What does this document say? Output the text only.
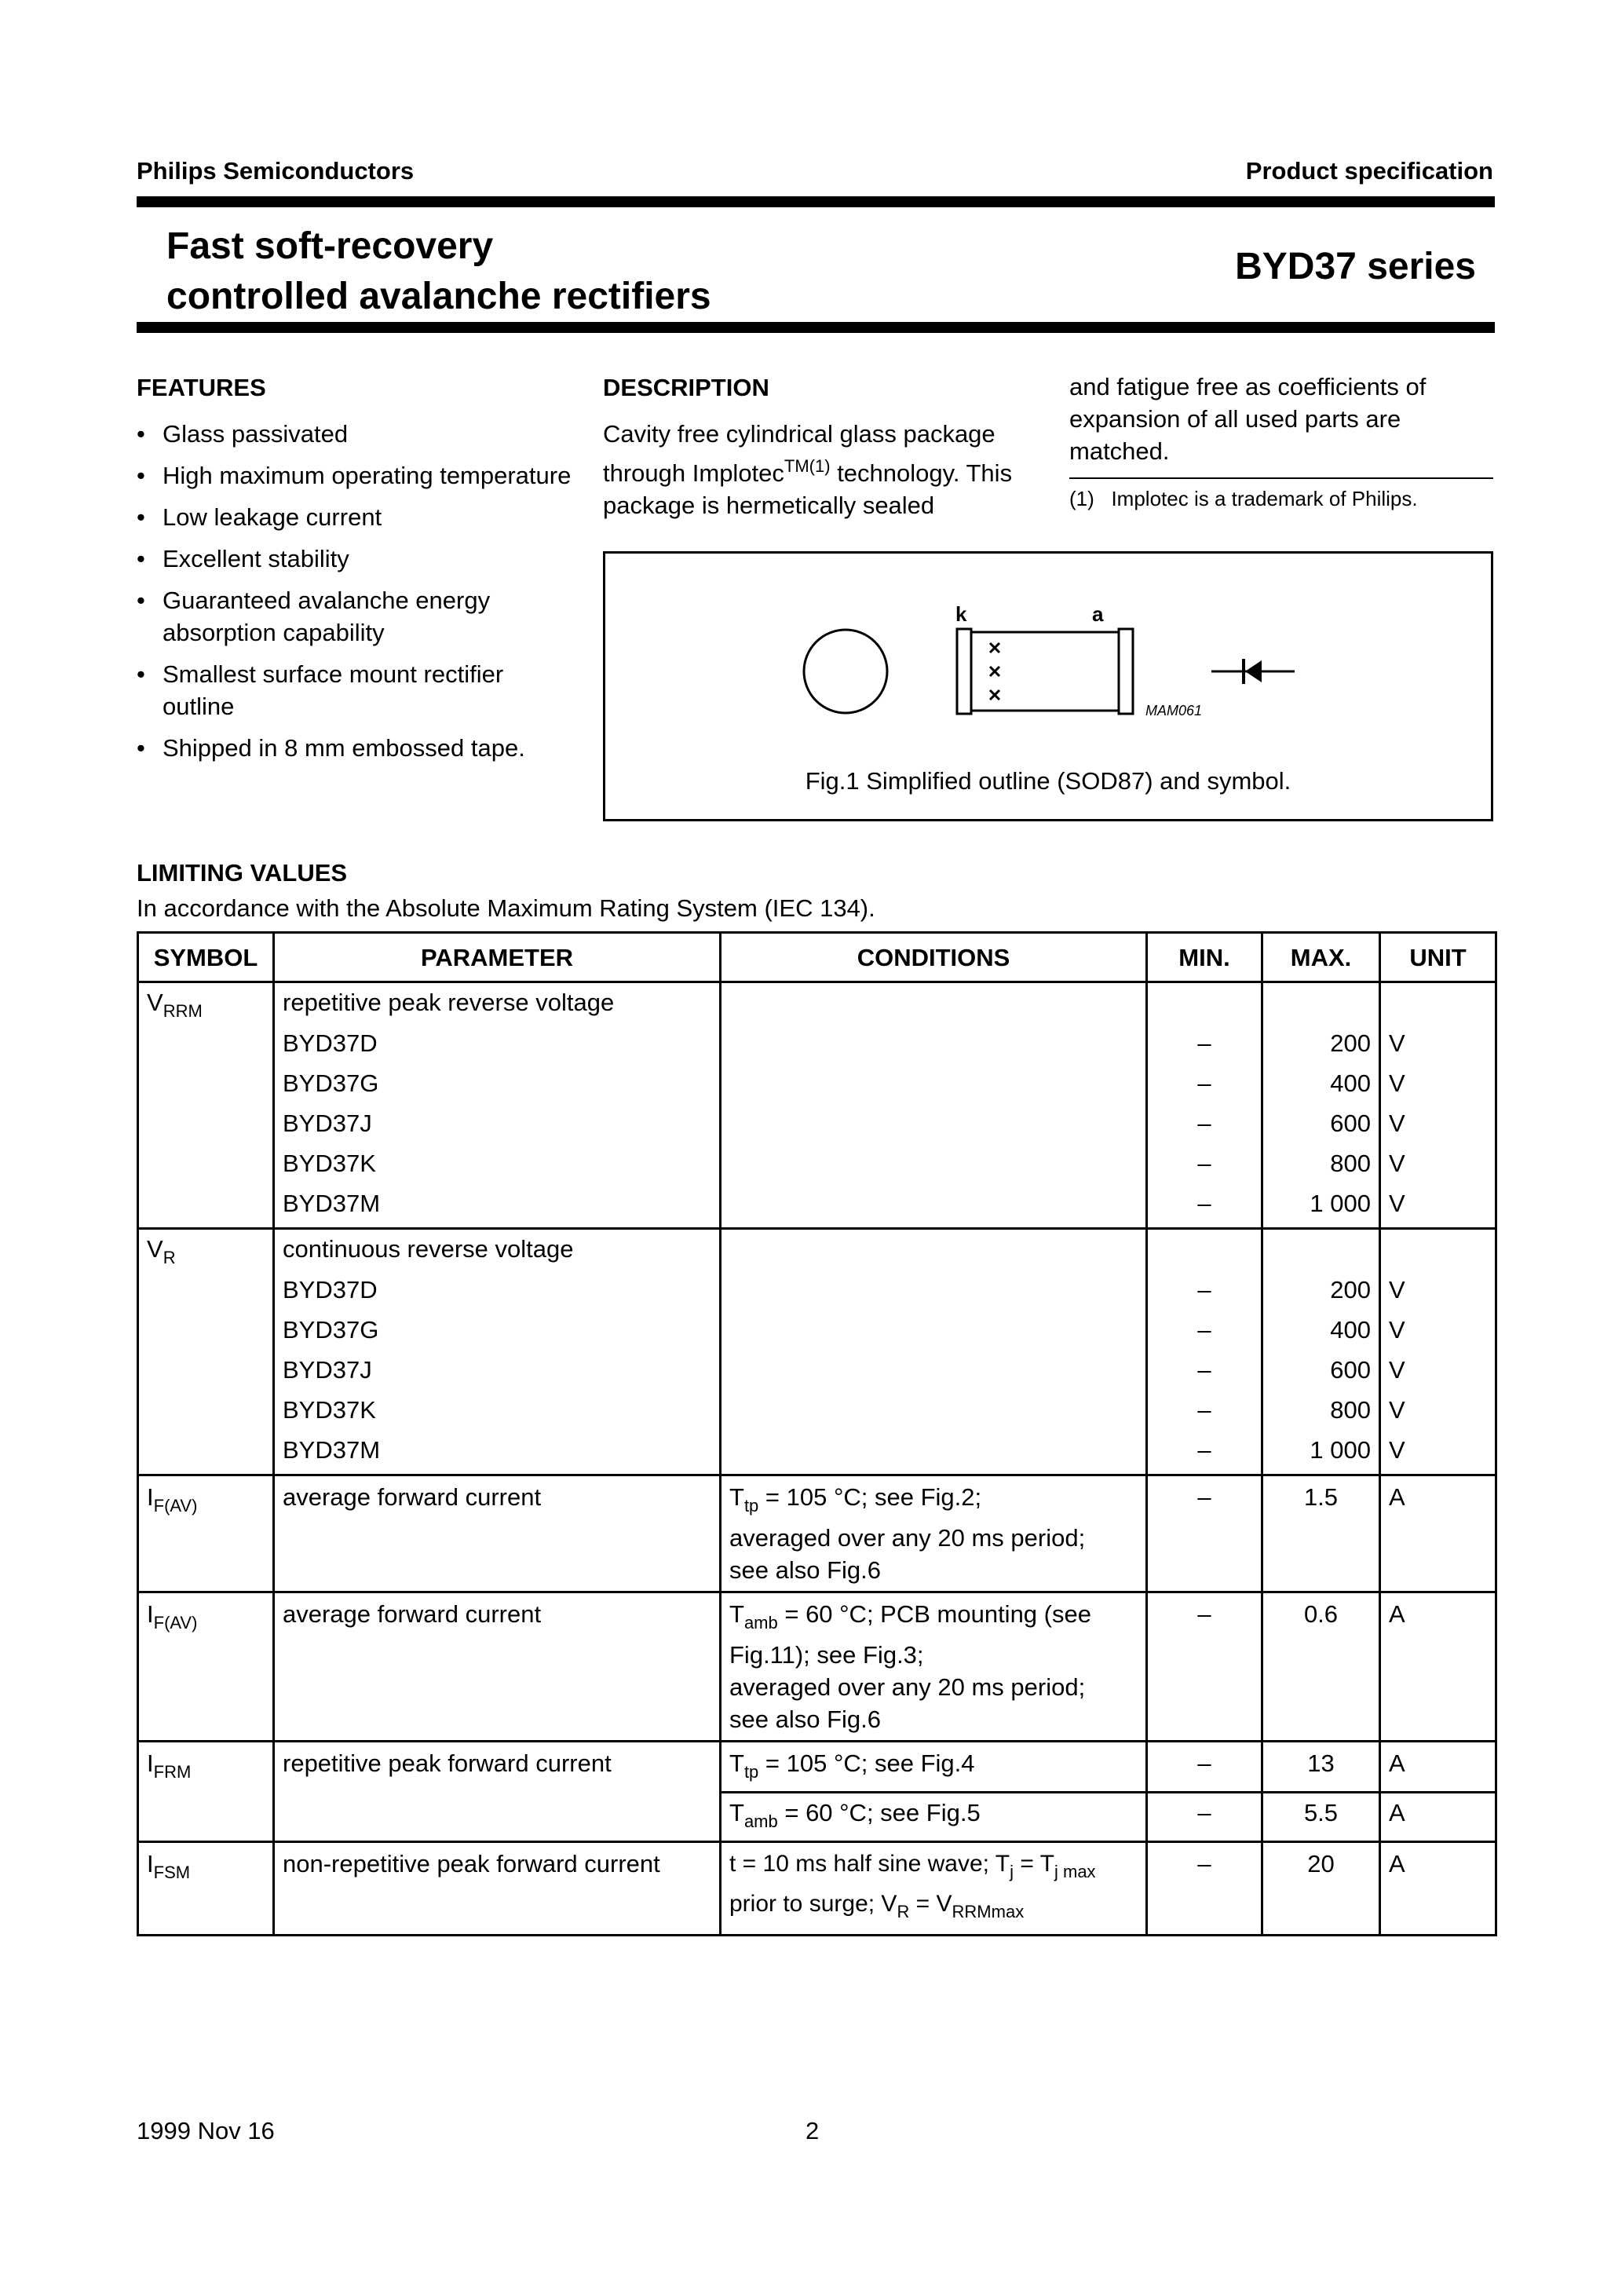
Philips Semiconductors	Product specification
Fast soft-recovery
controlled avalanche rectifiers
BYD37 series
FEATURES
• Glass passivated
• High maximum operating temperature
• Low leakage current
• Excellent stability
• Guaranteed avalanche energy absorption capability
• Smallest surface mount rectifier outline
• Shipped in 8 mm embossed tape.
DESCRIPTION
Cavity free cylindrical glass package through Implotec$^{TM(1)}$ technology. This package is hermetically sealed
and fatigue free as coefficients of expansion of all used parts are matched.
(1) Implotec is a trademark of Philips.
k	a
MAM061
Fig.1 Simplified outline (SOD87) and symbol.
LIMITING VALUES
In accordance with the Absolute Maximum Rating System (IEC 134).
SYMBOL	PARAMETER	CONDITIONS	MIN.	MAX.	UNIT
$V_{RRM}$	repetitive peak reverse voltage				
	BYD37D		–	200	V
	BYD37G		–	400	V
	BYD37J		–	600	V
	BYD37K		–	800	V
	BYD37M		–	1 000	V
$V_R$	continuous reverse voltage				
	BYD37D		–	200	V
	BYD37G		–	400	V
	BYD37J		–	600	V
	BYD37K		–	800	V
	BYD37M		–	1 000	V
$I_{F(AV)}$	average forward current	$T_{tp} = 105$ °C; see Fig.2;
averaged over any 20 ms period;
see also Fig.6	–	1.5	A
$I_{F(AV)}$	average forward current	$T_{amb} = 60$ °C; PCB mounting (see
Fig.11); see Fig.3;
averaged over any 20 ms period;
see also Fig.6	–	0.6	A
$I_{FRM}$	repetitive peak forward current	$T_{tp} = 105$ °C; see Fig.4	–	13	A
		$T_{amb} = 60$ °C; see Fig.5	–	5.5	A
$I_{FSM}$	non-repetitive peak forward current	t = 10 ms half sine wave; $T_j = T_{j max}$
prior to surge; $V_R = V_{RRMmax}$	–	20	A
1999 Nov 16	2
